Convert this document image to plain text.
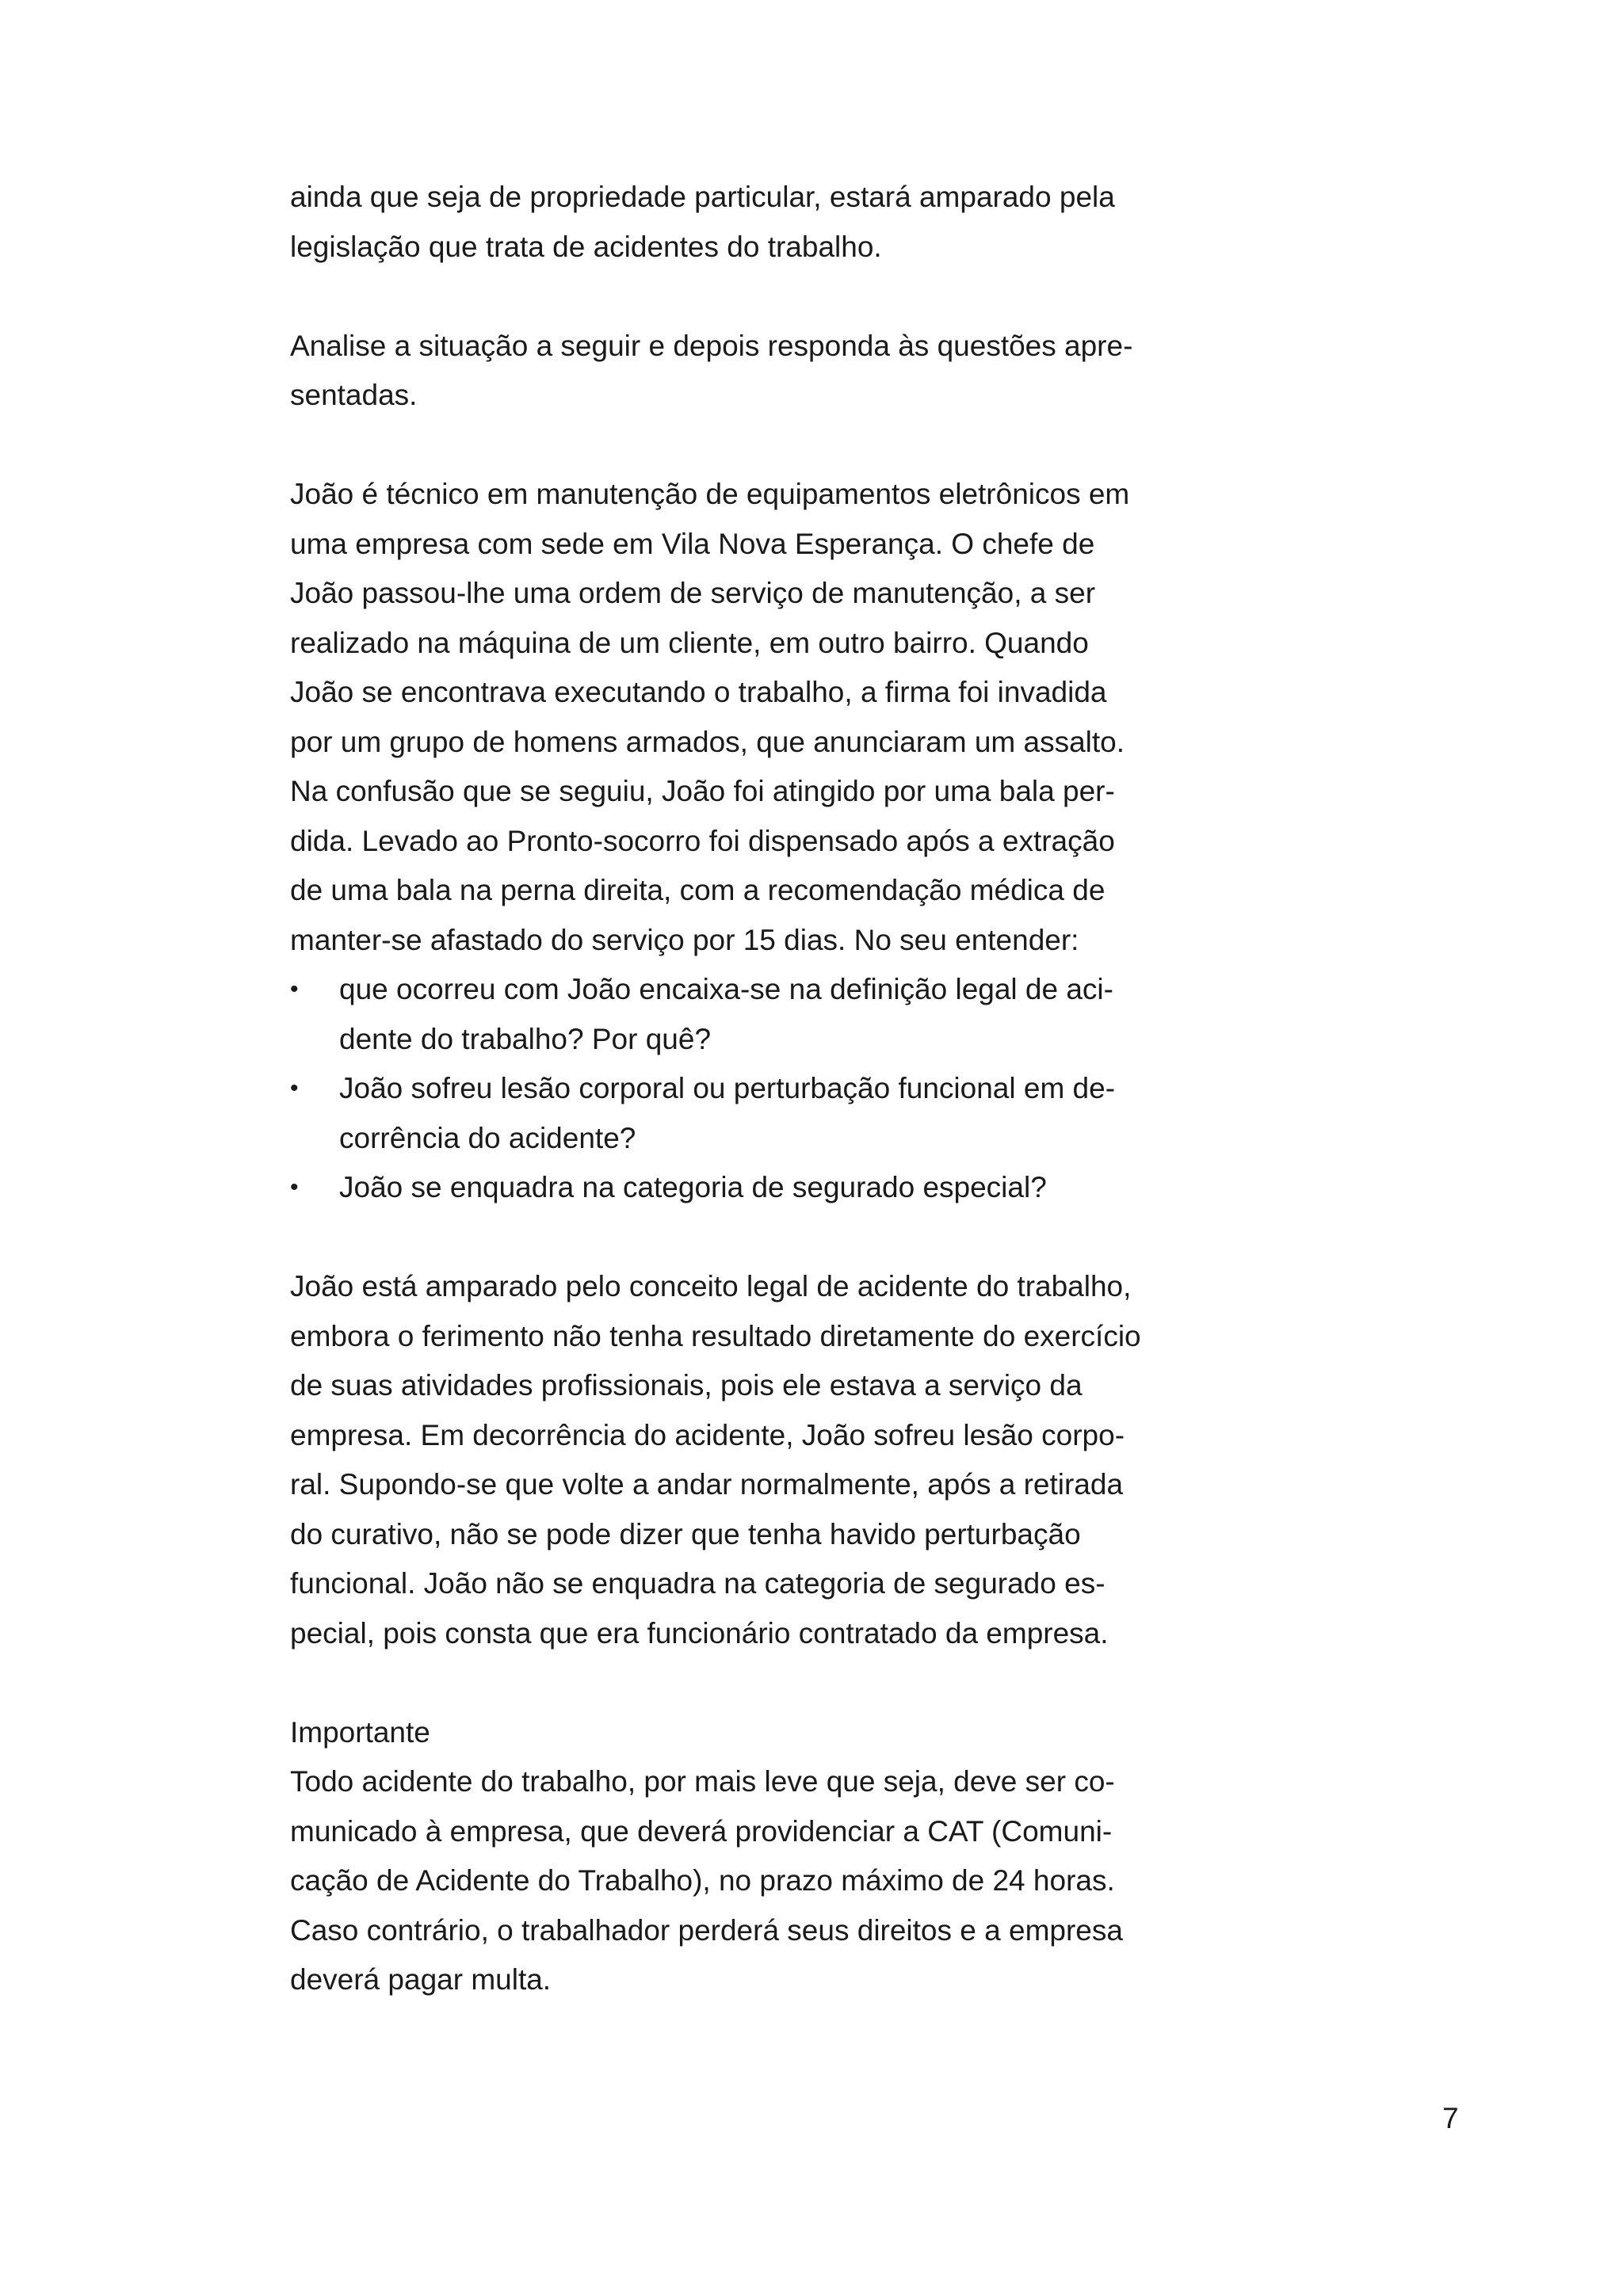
ainda que seja de propriedade particular, estará amparado pela

legislação que trata de acidentes do trabalho.

Analise a situação a seguir e depois responda às questões apre-

sentadas.

João é técnico em manutenção de equipamentos eletrônicos em

uma empresa com sede em Vila Nova Esperança. O chefe de

João passou-lhe uma ordem de serviço de manutenção, a ser

realizado na máquina de um cliente, em outro bairro. Quando

João se encontrava executando o trabalho, a firma foi invadida

por um grupo de homens armados, que anunciaram um assalto.

Na confusão que se seguiu, João foi atingido por uma bala per-

dida. Levado ao Pronto-socorro foi dispensado após a extração

de uma bala na perna direita, com a recomendação médica de

manter-se afastado do serviço por 15 dias. No seu entender:

• que ocorreu com João encaixa-se na definição legal de aci-

dente do trabalho? Por quê?

• João sofreu lesão corporal ou perturbação funcional em de-

corrência do acidente?

• João se enquadra na categoria de segurado especial?

João está amparado pelo conceito legal de acidente do trabalho,

embora o ferimento não tenha resultado diretamente do exercício

de suas atividades profissionais, pois ele estava a serviço da

empresa. Em decorrência do acidente, João sofreu lesão corpo-

ral. Supondo-se que volte a andar normalmente, após a retirada

do curativo, não se pode dizer que tenha havido perturbação

funcional. João não se enquadra na categoria de segurado es-

pecial, pois consta que era funcionário contratado da empresa.

Importante

Todo acidente do trabalho, por mais leve que seja, deve ser co-

municado à empresa, que deverá providenciar a CAT (Comuni-

cação de Acidente do Trabalho), no prazo máximo de 24 horas.

Caso contrário, o trabalhador perderá seus direitos e a empresa

deverá pagar multa.

7
